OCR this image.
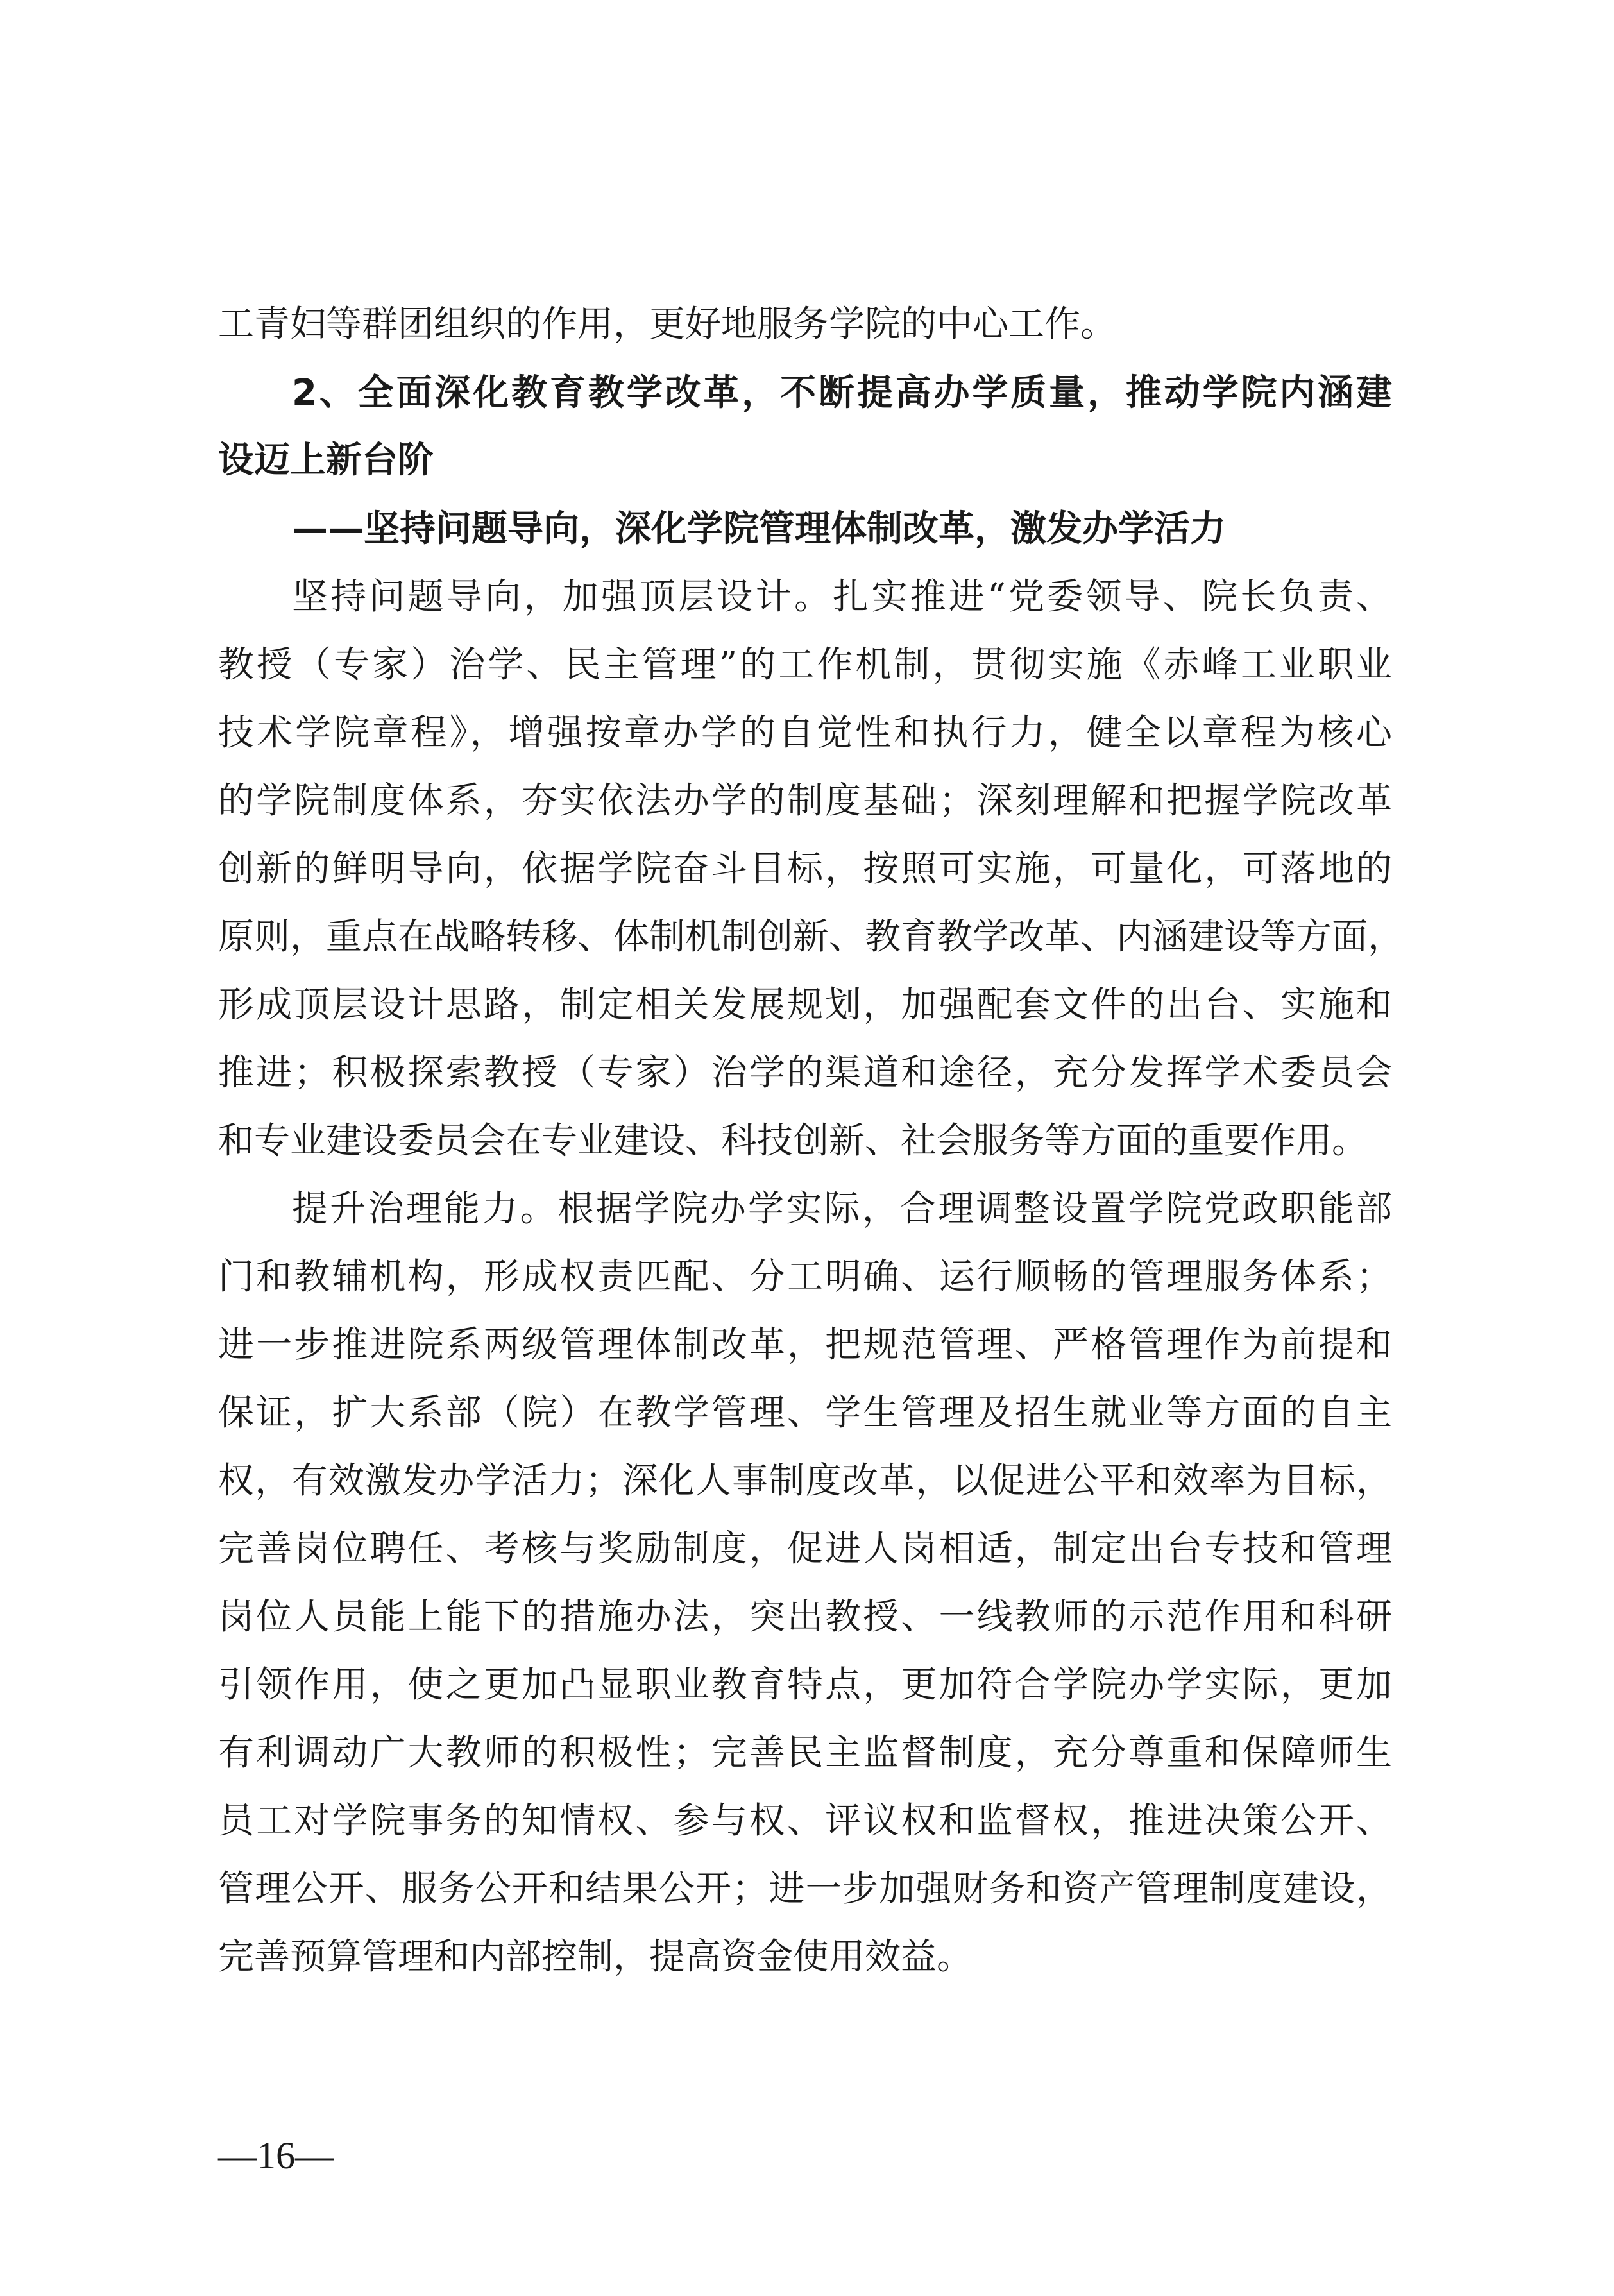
工青妇等群团组织的作用，更好地服务学院的中心工作。
2、全面深化教育教学改革，不断提高办学质量，推动学院内涵建
设迈上新台阶
——坚持问题导向，深化学院管理体制改革，激发办学活力
坚持问题导向，加强顶层设计。扎实推进“党委领导、院长负责、
教授（专家）治学、民主管理”的工作机制，贯彻实施《赤峰工业职业
技术学院章程》，增强按章办学的自觉性和执行力，健全以章程为核心
的学院制度体系，夯实依法办学的制度基础；深刻理解和把握学院改革
创新的鲜明导向，依据学院奋斗目标，按照可实施，可量化，可落地的
原则，重点在战略转移、体制机制创新、教育教学改革、内涵建设等方面，
形成顶层设计思路，制定相关发展规划，加强配套文件的出台、实施和
推进；积极探索教授（专家）治学的渠道和途径，充分发挥学术委员会
和专业建设委员会在专业建设、科技创新、社会服务等方面的重要作用。
提升治理能力。根据学院办学实际，合理调整设置学院党政职能部
门和教辅机构，形成权责匹配、分工明确、运行顺畅的管理服务体系；
进一步推进院系两级管理体制改革，把规范管理、严格管理作为前提和
保证，扩大系部（院）在教学管理、学生管理及招生就业等方面的自主
权，有效激发办学活力；深化人事制度改革，以促进公平和效率为目标，
完善岗位聘任、考核与奖励制度，促进人岗相适，制定出台专技和管理
岗位人员能上能下的措施办法，突出教授、一线教师的示范作用和科研
引领作用，使之更加凸显职业教育特点，更加符合学院办学实际，更加
有利调动广大教师的积极性；完善民主监督制度，充分尊重和保障师生
员工对学院事务的知情权、参与权、评议权和监督权，推进决策公开、
管理公开、服务公开和结果公开；进一步加强财务和资产管理制度建设，
完善预算管理和内部控制，提高资金使用效益。
—16—
